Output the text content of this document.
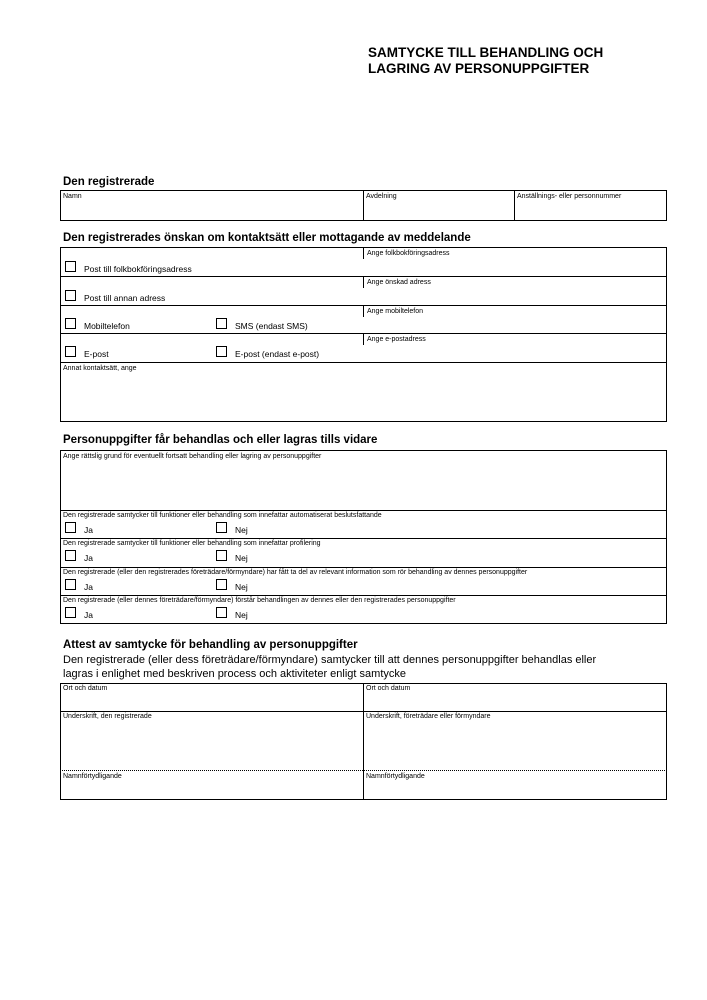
SAMTYCKE TILL BEHANDLING OCH
LAGRING AV PERSONUPPGIFTER
Den registrerade
Namn	Avdelning	Anställnings- eller personnummer
Den registrerades önskan om kontaktsätt eller mottagande av meddelande
Post till folkbokföringsadress
Ange folkbokföringsadress
Post till annan adress
Ange önskad adress
Mobiltelefon	SMS (endast SMS)
Ange mobiltelefon
E-post	E-post (endast e-post)
Ange e-postadress
Annat kontaktsätt, ange
Personuppgifter får behandlas och eller lagras tills vidare
Ange rättslig grund för eventuellt fortsatt behandling eller lagring av personuppgifter
Den registrerade samtycker till funktioner eller behandling som innefattar automatiserat beslutsfattande
Ja	Nej
Den registrerade samtycker till funktioner eller behandling som innefattar profilering
Ja	Nej
Den registrerade (eller den registrerades företrädare/förmyndare) har fått ta del av relevant information som rör behandling av dennes personuppgifter
Ja	Nej
Den registrerade (eller dennes företrädare/förmyndare) förstår behandlingen av dennes eller den registrerades personuppgifter
Ja	Nej
Attest av samtycke för behandling av personuppgifter
Den registrerade (eller dess företrädare/förmyndare) samtycker till att dennes personuppgifter behandlas eller
lagras i enlighet med beskriven process och aktiviteter enligt samtycke
Ort och datum	Ort och datum
Underskrift, den registrerade	Underskrift, företrädare eller förmyndare
Namnförtydligande	Namnförtydligande
